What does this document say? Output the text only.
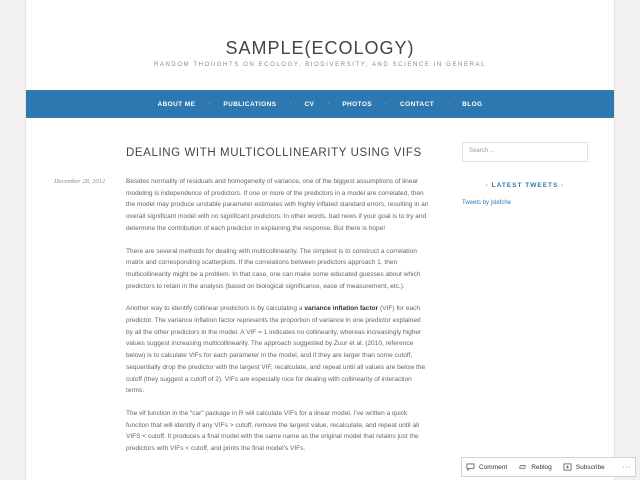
SAMPLE(ECOLOGY)
RANDOM THOUGHTS ON ECOLOGY, BIODIVERSITY, AND SCIENCE IN GENERAL
ABOUT ME · PUBLICATIONS · CV · PHOTOS · CONTACT · BLOG
DEALING WITH MULTICOLLINEARITY USING VIFS
December 28, 2012	Besides normality of residuals and homogeneity of variance, one of the biggest assumptions of linear modeling is independence of predictors. If one or more of the predictors in a model are correlated, then the model may produce unstable parameter estimates with highly inflated standard errors, resulting in an overall significant model with no significant predictors. In other words, bad news if your goal is to try and determine the contribution of each predictor in explaining the response. But there is hope!

There are several methods for dealing with multicollinearity. The simplest is to construct a correlation matrix and corresponding scatterplots. If the correlations between predictors approach 1, then multicollinearity might be a problem. In that case, one can make some educated guesses about which predictors to retain in the analysis (based on biological significance, ease of measurement, etc.).

Another way to identify collinear predictors is by calculating a variance inflation factor (VIF) for each predictor. The variance inflation factor represents the proportion of variance in one predictor explained by all the other predictors in the model. A VIF = 1 indicates no collinearity, whereas increasingly higher values suggest increasing multicollinearity. The approach suggested by Zuur et al. (2010, reference below) is to calculate VIFs for each parameter in the model, and if they are larger than some cutoff, sequentially drop the predictor with the largest VIF, recalculate, and repeat until all values are below the cutoff (they suggest a cutoff of 2). VIFs are especially nice for dealing with collinearity of interaction terms.

The vif function in the “car” package in R will calculate VIFs for a linear model. I’ve written a quick function that will identify if any VIFs > cutoff, remove the largest value, recalculate, and repeat until all VIFS < cutoff. It produces a final model with the same name as the original model that retains just the predictors with VIFs < cutoff, and prints the final model's VIFs.

Search …
· LATEST TWEETS ·
Tweets by jslefche
Comment	Reblog	Subscribe	···
